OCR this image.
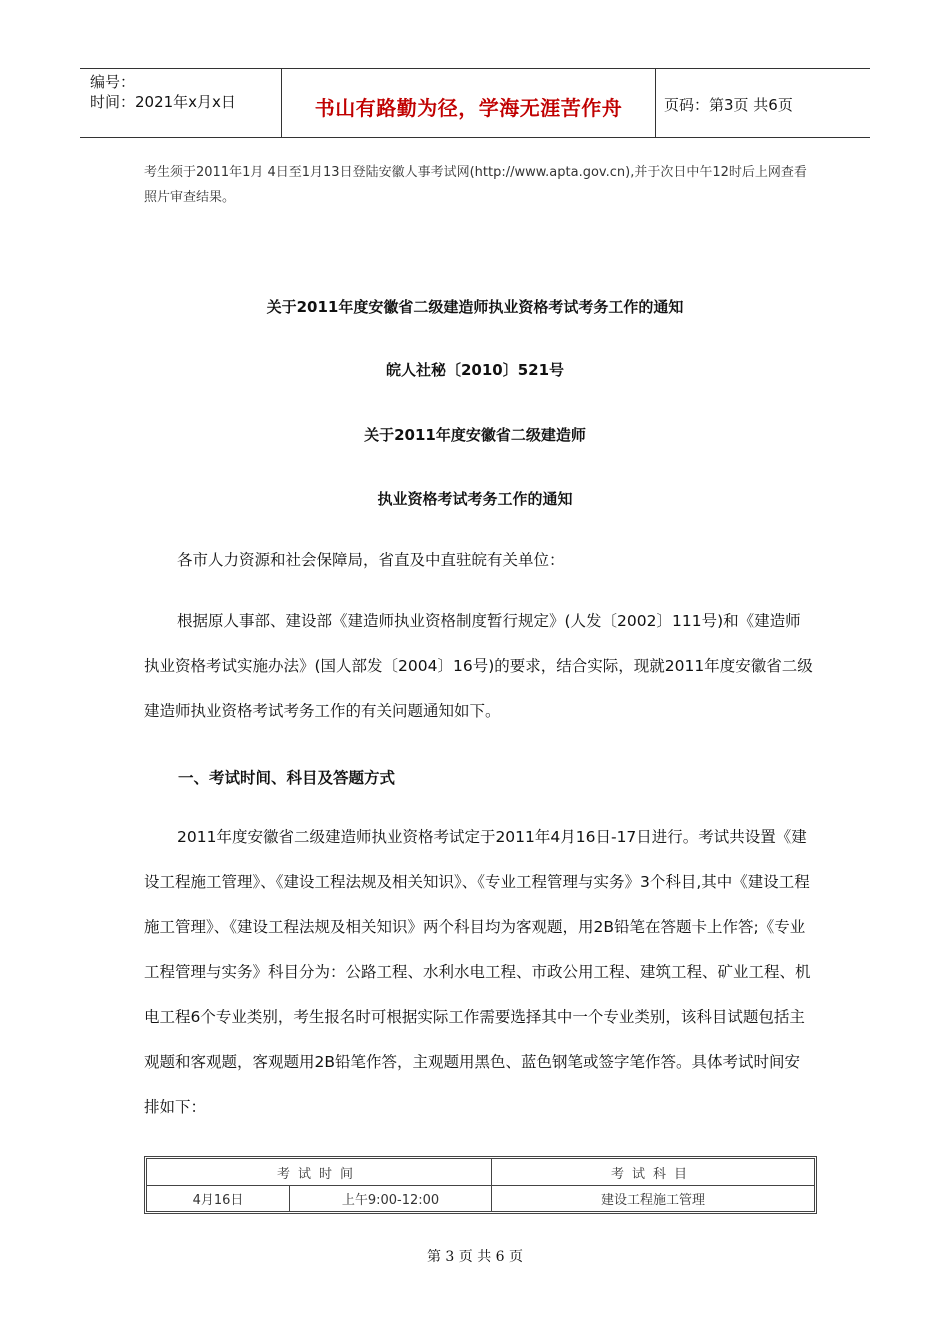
编号：
时间：2021年x月x日	书山有路勤为径，学海无涯苦作舟	页码：第3页 共6页
考生须于2011年1月 4日至1月13日登陆安徽人事考试网(http://www.apta.gov.cn),并于次日中午12时后上网查看照片审查结果。
关于2011年度安徽省二级建造师执业资格考试考务工作的通知
皖人社秘〔2010〕521号
关于2011年度安徽省二级建造师
执业资格考试考务工作的通知
各市人力资源和社会保障局，省直及中直驻皖有关单位：
根据原人事部、建设部《建造师执业资格制度暂行规定》(人发〔2002〕111号)和《建造师执业资格考试实施办法》(国人部发〔2004〕16号)的要求，结合实际，现就2011年度安徽省二级建造师执业资格考试考务工作的有关问题通知如下。
一、考试时间、科目及答题方式
2011年度安徽省二级建造师执业资格考试定于2011年4月16日-17日进行。考试共设置《建设工程施工管理》、《建设工程法规及相关知识》、《专业工程管理与实务》3个科目,其中《建设工程施工管理》、《建设工程法规及相关知识》两个科目均为客观题，用2B铅笔在答题卡上作答;《专业工程管理与实务》科目分为：公路工程、水利水电工程、市政公用工程、建筑工程、矿业工程、机电工程6个专业类别，考生报名时可根据实际工作需要选择其中一个专业类别，该科目试题包括主观题和客观题，客观题用2B铅笔作答，主观题用黑色、蓝色钢笔或签字笔作答。具体考试时间安排如下：
考试时间	考试科目
4月16日	上午9:00-12:00	建设工程施工管理
第 3 页 共 6 页
